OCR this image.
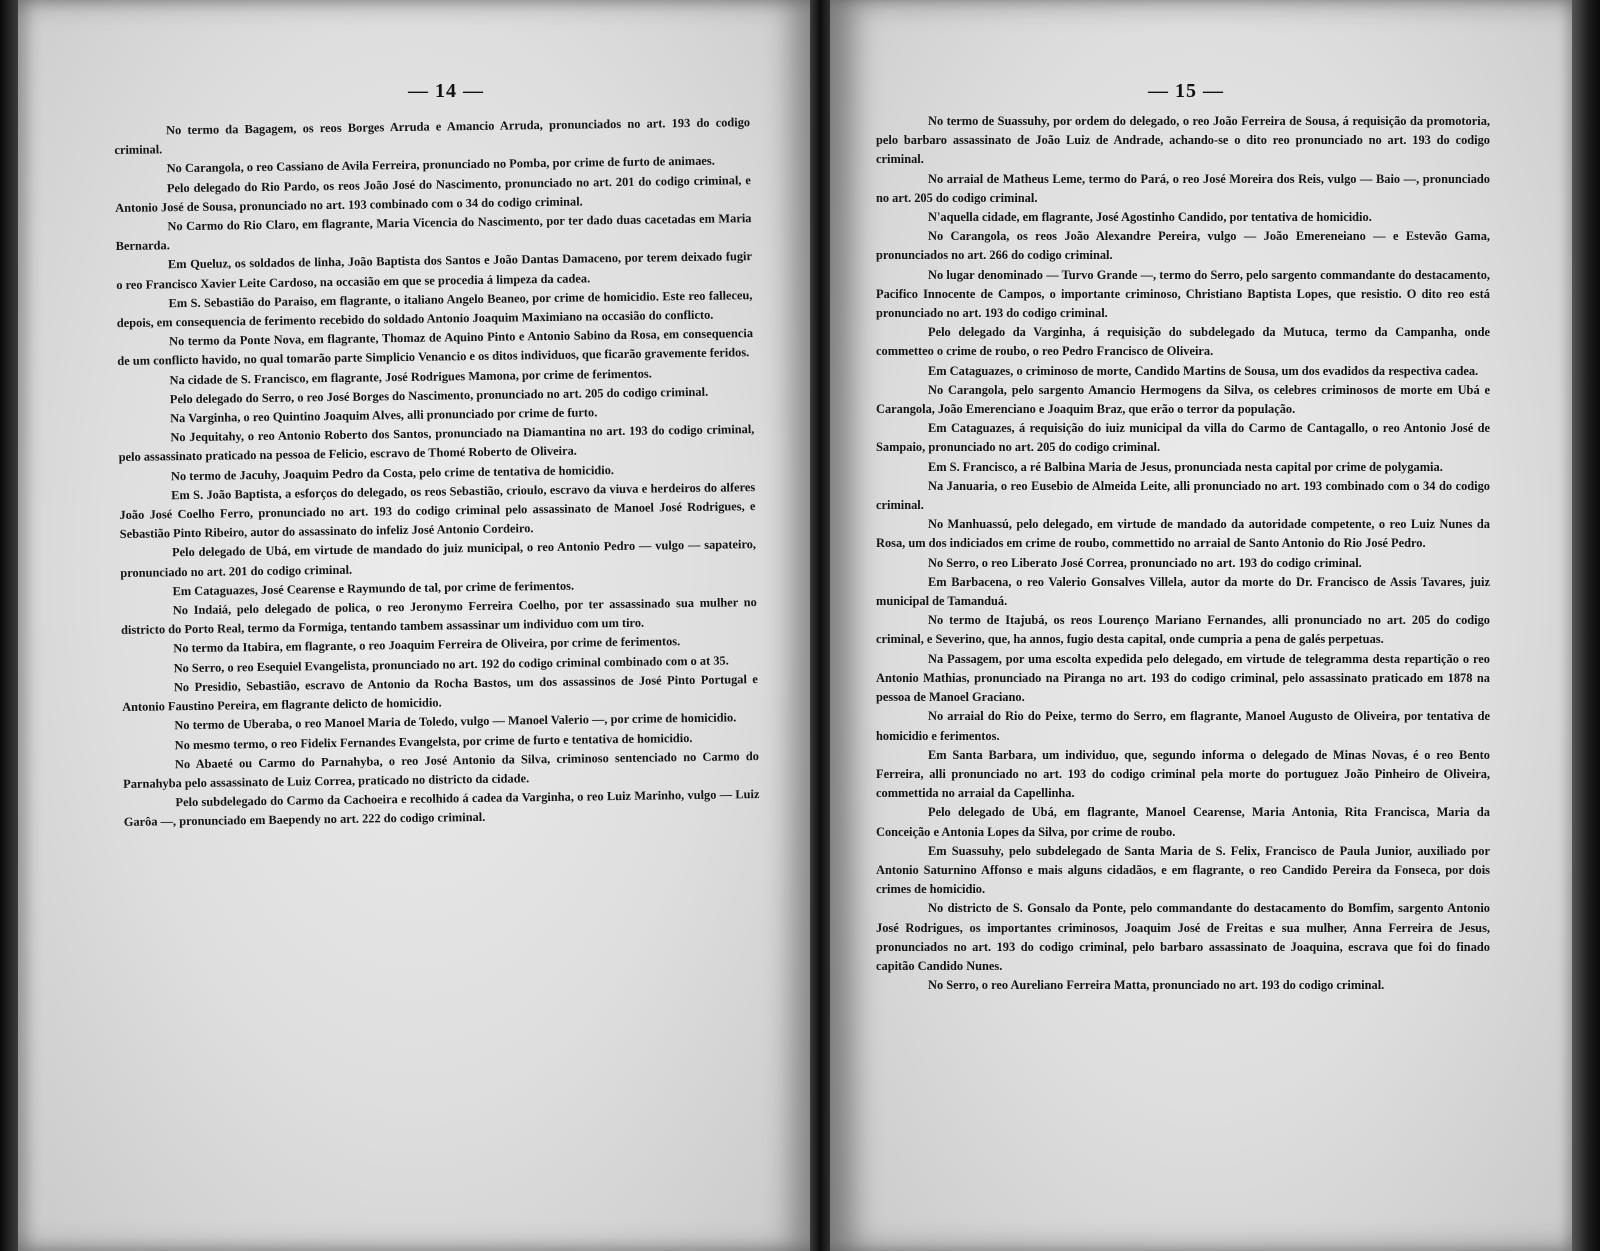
— 14 —

No termo da Bagagem, os reos Borges Arruda e Amancio Arruda, pronunciados no art. 193 do codigo criminal.

No Carangola, o reo Cassiano de Avila Ferreira, pronunciado no Pomba, por crime de furto de animaes.

Pelo delegado do Rio Pardo, os reos João José do Nascimento, pronunciado no art. 201 do codigo criminal, e Antonio José de Sousa, pronunciado no art. 193 combinado com o 34 do codigo criminal.

No Carmo do Rio Claro, em flagrante, Maria Vicencia do Nascimento, por ter dado duas cacetadas em Maria Bernarda.

Em Queluz, os soldados de linha, João Baptista dos Santos e João Dantas Damaceno, por terem deixado fugir o reo Francisco Xavier Leite Cardoso, na occasião em que se procedia á limpeza da cadea.

Em S. Sebastião do Paraiso, em flagrante, o italiano Angelo Beaneo, por crime de homicidio. Este reo falleceu, depois, em consequencia de ferimento recebido do soldado Antonio Joaquim Maximiano na occasião do conflicto.

No termo da Ponte Nova, em flagrante, Thomaz de Aquino Pinto e Antonio Sabino da Rosa, em consequencia de um conflicto havido, no qual tomarão parte Simplicio Venancio e os ditos individuos, que ficarão gravemente feridos.

Na cidade de S. Francisco, em flagrante, José Rodrigues Mamona, por crime de ferimentos.

Pelo delegado do Serro, o reo José Borges do Nascimento, pronunciado no art. 205 do codigo criminal.

Na Varginha, o reo Quintino Joaquim Alves, alli pronunciado por crime de furto.

No Jequitahy, o reo Antonio Roberto dos Santos, pronunciado na Diamantina no art. 193 do codigo criminal, pelo assassinato praticado na pessoa de Felicio, escravo de Thomé Roberto de Oliveira.

No termo de Jacuhy, Joaquim Pedro da Costa, pelo crime de tentativa de homicidio.

Em S. João Baptista, a esforços do delegado, os reos Sebastião, crioulo, escravo da viuva e herdeiros do alferes João José Coelho Ferro, pronunciado no art. 193 do codigo criminal pelo assassinato de Manoel José Rodrigues, e Sebastião Pinto Ribeiro, autor do assassinato do infeliz José Antonio Cordeiro.

Pelo delegado de Ubá, em virtude de mandado do juiz municipal, o reo Antonio Pedro — vulgo — sapateiro, pronunciado no art. 201 do codigo criminal.

Em Cataguazes, José Cearense e Raymundo de tal, por crime de ferimentos.

No Indaiá, pelo delegado de polica, o reo Jeronymo Ferreira Coelho, por ter assassinado sua mulher no districto do Porto Real, termo da Formiga, tentando tambem assassinar um individuo com um tiro.

No termo da Itabira, em flagrante, o reo Joaquim Ferreira de Oliveira, por crime de ferimentos.

No Serro, o reo Esequiel Evangelista, pronunciado no art. 192 do codigo criminal combinado com o at 35.

No Presidio, Sebastião, escravo de Antonio da Rocha Bastos, um dos assassinos de José Pinto Portugal e Antonio Faustino Pereira, em flagrante delicto de homicidio.

No termo de Uberaba, o reo Manoel Maria de Toledo, vulgo — Manoel Valerio —, por crime de homicidio.

No mesmo termo, o reo Fidelix Fernandes Evangelsta, por crime de furto e tentativa de homicidio.

No Abaeté ou Carmo do Parnahyba, o reo José Antonio da Silva, criminoso sentenciado no Carmo do Parnahyba pelo assassinato de Luiz Correa, praticado no districto da cidade.

Pelo subdelegado do Carmo da Cachoeira e recolhido á cadea da Varginha, o reo Luiz Marinho, vulgo — Luiz Garôa —, pronunciado em Baependy no art. 222 do codigo criminal.

— 15 —

No termo de Suassuhy, por ordem do delegado, o reo João Ferreira de Sousa, á requisição da promotoria, pelo barbaro assassinato de João Luiz de Andrade, achando-se o dito reo pronunciado no art. 193 do codigo criminal.

No arraial de Matheus Leme, termo do Pará, o reo José Moreira dos Reis, vulgo — Baio —, pronunciado no art. 205 do codigo criminal.

N'aquella cidade, em flagrante, José Agostinho Candido, por tentativa de homicidio.

No Carangola, os reos João Alexandre Pereira, vulgo — João Emereneiano — e Estevão Gama, pronunciados no art. 266 do codigo criminal.

No lugar denominado — Turvo Grande —, termo do Serro, pelo sargento commandante do destacamento, Pacifico Innocente de Campos, o importante criminoso, Christiano Baptista Lopes, que resistio. O dito reo está pronunciado no art. 193 do codigo criminal.

Pelo delegado da Varginha, á requisição do subdelegado da Mutuca, termo da Campanha, onde commetteo o crime de roubo, o reo Pedro Francisco de Oliveira.

Em Cataguazes, o criminoso de morte, Candido Martins de Sousa, um dos evadidos da respectiva cadea.

No Carangola, pelo sargento Amancio Hermogens da Silva, os celebres criminosos de morte em Ubá e Carangola, João Emerenciano e Joaquim Braz, que erão o terror da população.

Em Cataguazes, á requisição do iuiz municipal da villa do Carmo de Cantagallo, o reo Antonio José de Sampaio, pronunciado no art. 205 do codigo criminal.

Em S. Francisco, a ré Balbina Maria de Jesus, pronunciada nesta capital por crime de polygamia.

Na Januaria, o reo Eusebio de Almeida Leite, alli pronunciado no art. 193 combinado com o 34 do codigo criminal.

No Manhuassú, pelo delegado, em virtude de mandado da autoridade competente, o reo Luiz Nunes da Rosa, um dos indiciados em crime de roubo, commettido no arraial de Santo Antonio do Rio José Pedro.

No Serro, o reo Liberato José Correa, pronunciado no art. 193 do codigo criminal.

Em Barbacena, o reo Valerio Gonsalves Villela, autor da morte do Dr. Francisco de Assis Tavares, juiz municipal de Tamanduá.

No termo de Itajubá, os reos Lourenço Mariano Fernandes, alli pronunciado no art. 205 do codigo criminal, e Severino, que, ha annos, fugio desta capital, onde cumpria a pena de galés perpetuas.

Na Passagem, por uma escolta expedida pelo delegado, em virtude de telegramma desta repartição o reo Antonio Mathias, pronunciado na Piranga no art. 193 do codigo criminal, pelo assassinato praticado em 1878 na pessoa de Manoel Graciano.

No arraial do Rio do Peixe, termo do Serro, em flagrante, Manoel Augusto de Oliveira, por tentativa de homicidio e ferimentos.

Em Santa Barbara, um individuo, que, segundo informa o delegado de Minas Novas, é o reo Bento Ferreira, alli pronunciado no art. 193 do codigo criminal pela morte do portuguez João Pinheiro de Oliveira, commettida no arraial da Capellinha.

Pelo delegado de Ubá, em flagrante, Manoel Cearense, Maria Antonia, Rita Francisca, Maria da Conceição e Antonia Lopes da Silva, por crime de roubo.

Em Suassuhy, pelo subdelegado de Santa Maria de S. Felix, Francisco de Paula Junior, auxiliado por Antonio Saturnino Affonso e mais alguns cidadãos, e em flagrante, o reo Candido Pereira da Fonseca, por dois crimes de homicidio.

No districto de S. Gonsalo da Ponte, pelo commandante do destacamento do Bomfim, sargento Antonio José Rodrigues, os importantes criminosos, Joaquim José de Freitas e sua mulher, Anna Ferreira de Jesus, pronunciados no art. 193 do codigo criminal, pelo barbaro assassinato de Joaquina, escrava que foi do finado capitão Candido Nunes.

No Serro, o reo Aureliano Ferreira Matta, pronunciado no art. 193 do codigo criminal.
